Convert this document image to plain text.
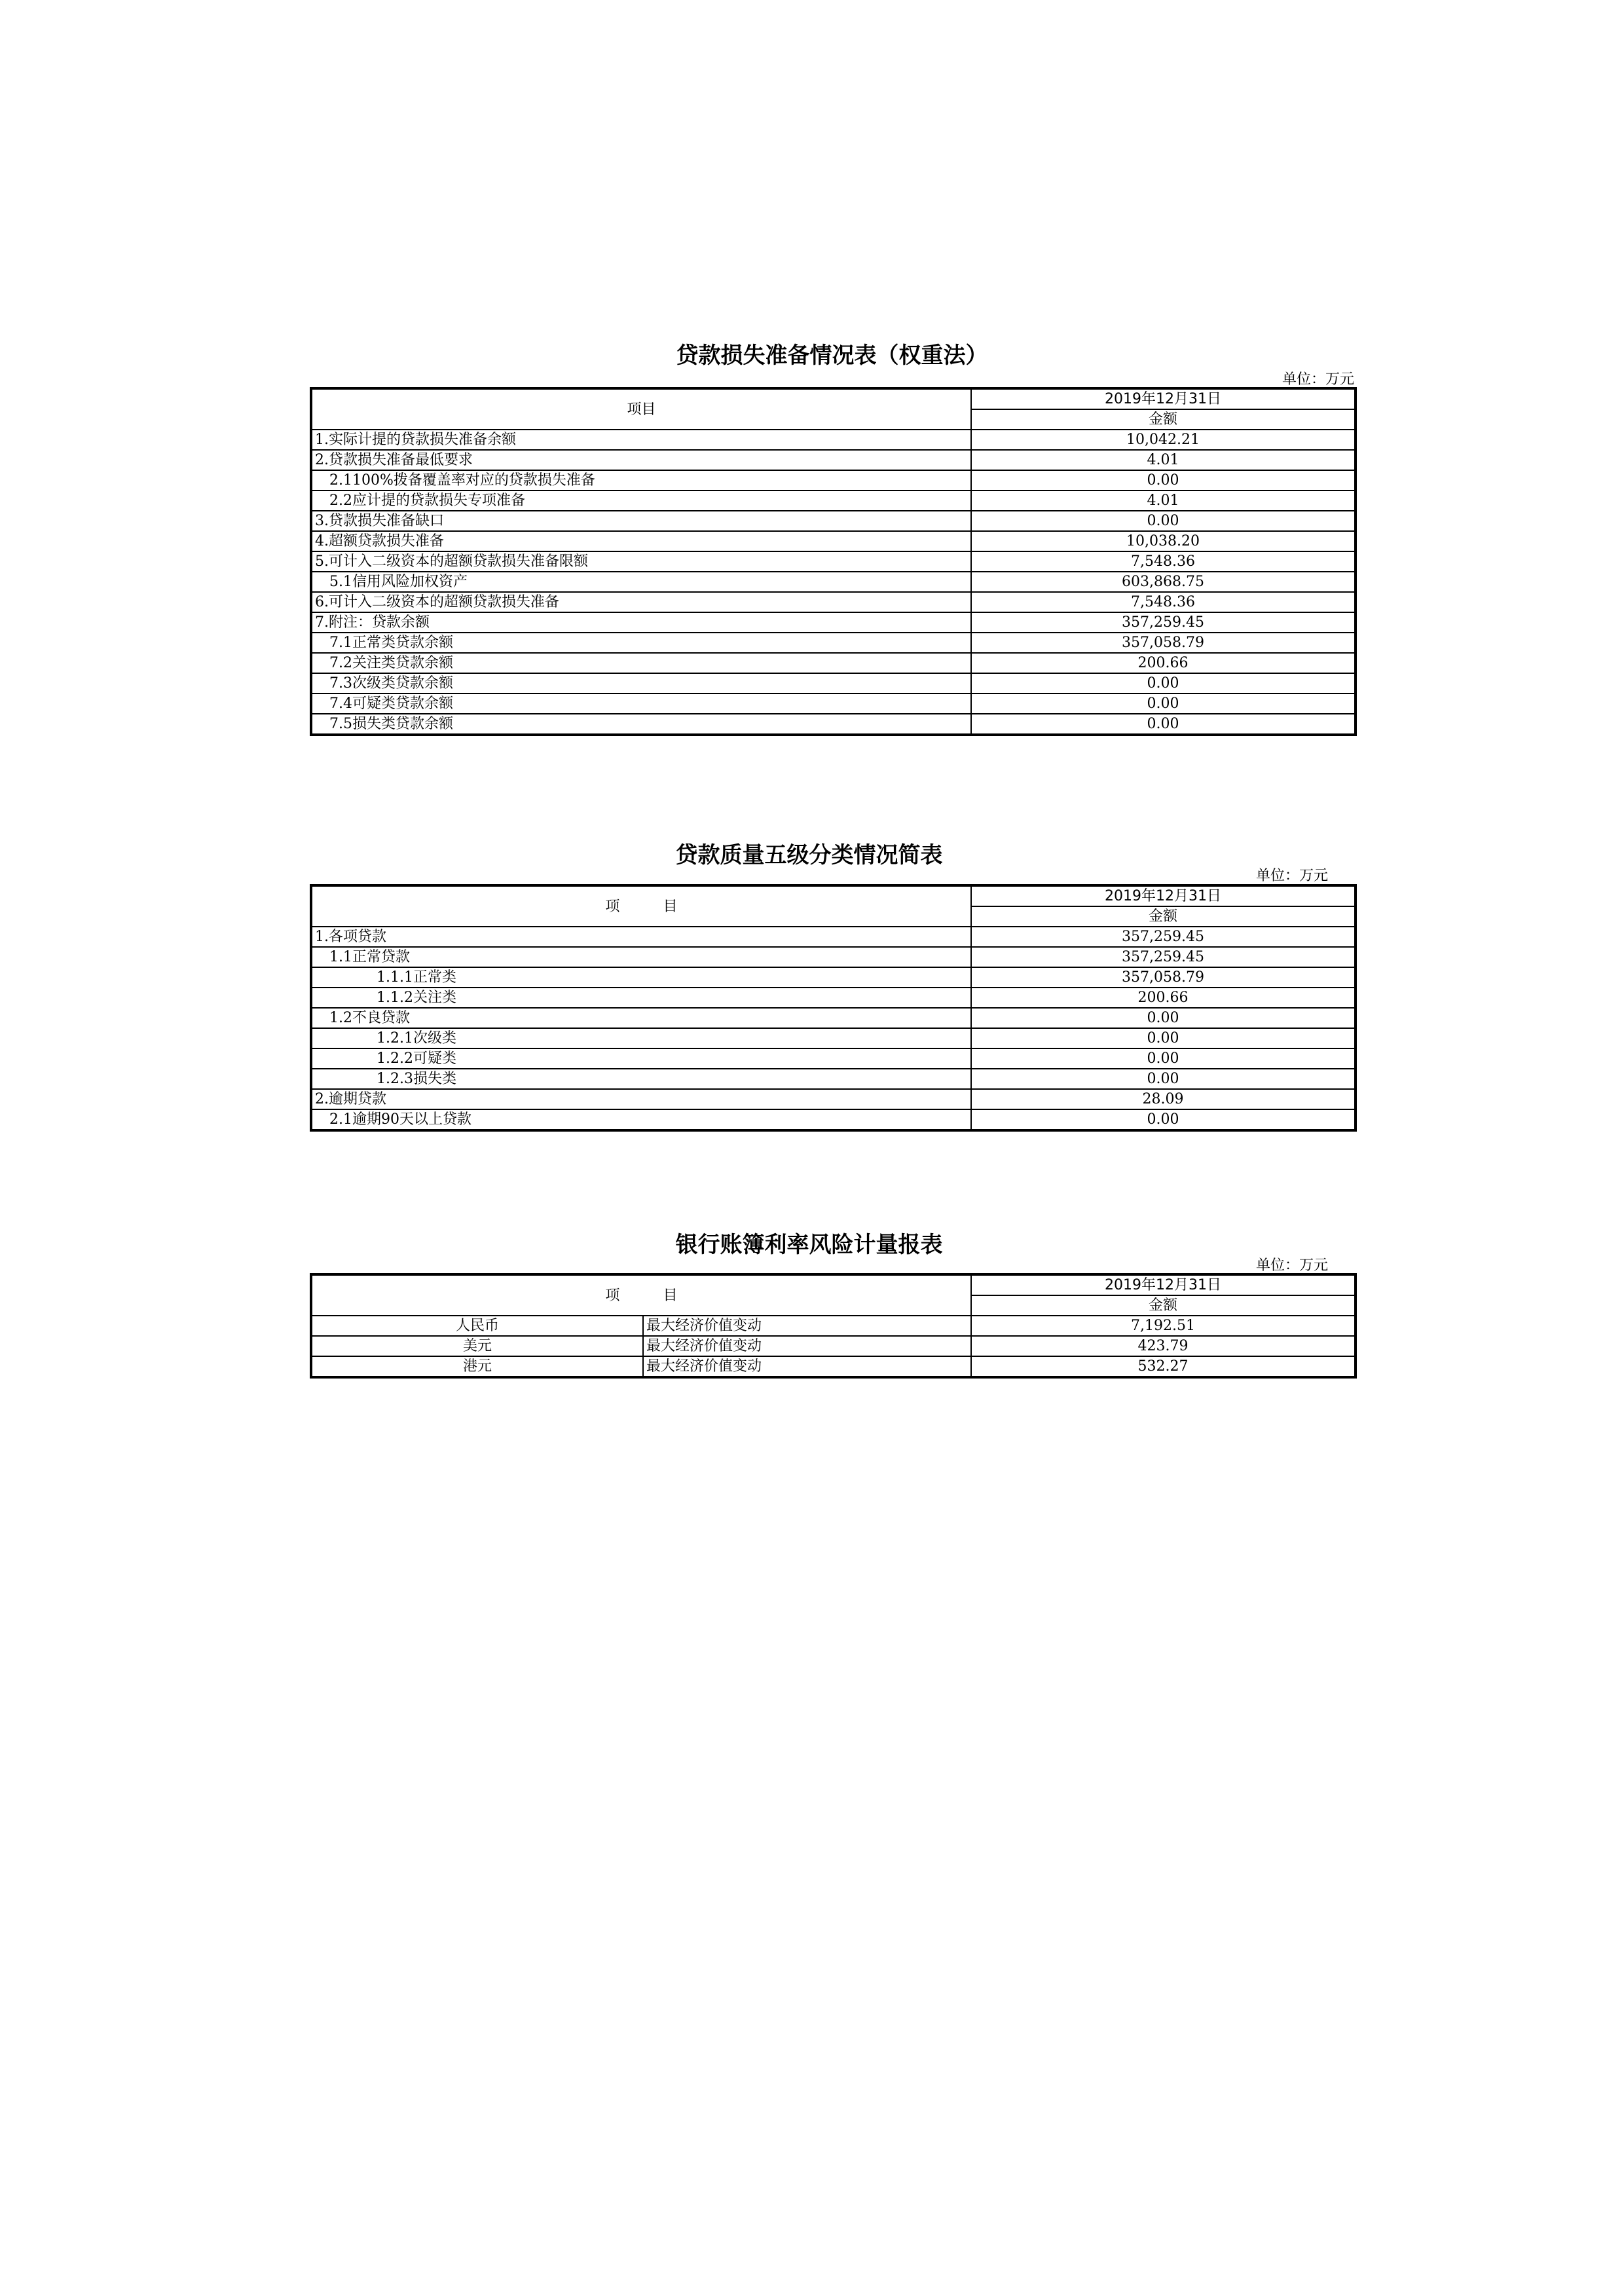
贷款损失准备情况表（权重法）
单位：万元
项目	2019年12月31日
	金额
1.实际计提的贷款损失准备余额	10,042.21
2.贷款损失准备最低要求	4.01
2.1100%拨备覆盖率对应的贷款损失准备	0.00
2.2应计提的贷款损失专项准备	4.01
3.贷款损失准备缺口	0.00
4.超额贷款损失准备	10,038.20
5.可计入二级资本的超额贷款损失准备限额	7,548.36
5.1信用风险加权资产	603,868.75
6.可计入二级资本的超额贷款损失准备	7,548.36
7.附注：贷款余额	357,259.45
7.1正常类贷款余额	357,058.79
7.2关注类贷款余额	200.66
7.3次级类贷款余额	0.00
7.4可疑类贷款余额	0.00
7.5损失类贷款余额	0.00
贷款质量五级分类情况简表
单位：万元
项　　　目	2019年12月31日
	金额
1.各项贷款	357,259.45
1.1正常贷款	357,259.45
1.1.1正常类	357,058.79
1.1.2关注类	200.66
1.2不良贷款	0.00
1.2.1次级类	0.00
1.2.2可疑类	0.00
1.2.3损失类	0.00
2.逾期贷款	28.09
2.1逾期90天以上贷款	0.00
银行账簿利率风险计量报表
单位：万元
项　　　目		2019年12月31日
		金额
人民币	最大经济价值变动	7,192.51
美元	最大经济价值变动	423.79
港元	最大经济价值变动	532.27
